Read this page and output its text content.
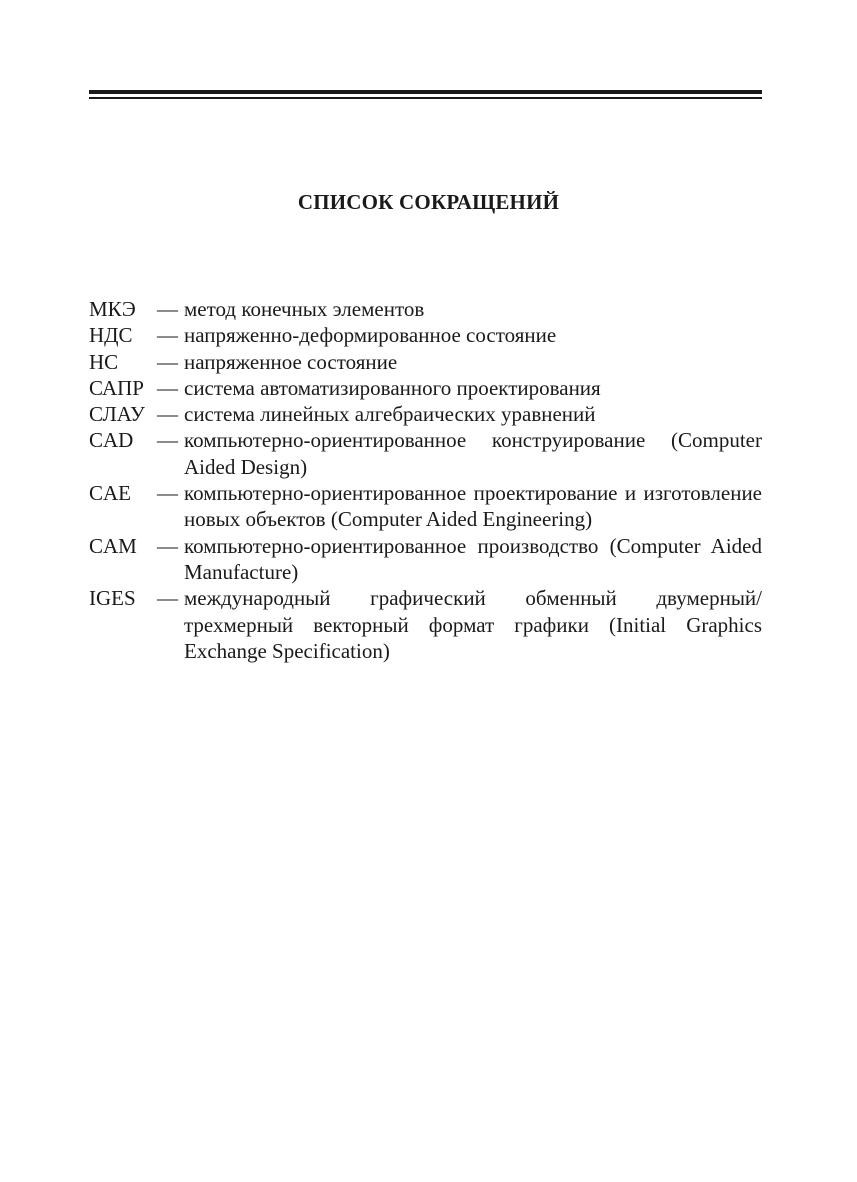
СПИСОК СОКРАЩЕНИЙ
МКЭ — метод конечных элементов
НДС — напряженно-деформированное состояние
НС — напряженное состояние
САПР — система автоматизированного проектирования
СЛАУ — система линейных алгебраических уравнений
CAD — компьютерно-ориентированное конструирование (Computer Aided Design)
CAE — компьютерно-ориентированное проектирование и изготовление новых объектов (Computer Aided Engineering)
CAM — компьютерно-ориентированное производство (Computer Aided Manufacture)
IGES — международный графический обменный двумерный/трехмерный векторный формат графики (Initial Graphics Exchange Specification)
